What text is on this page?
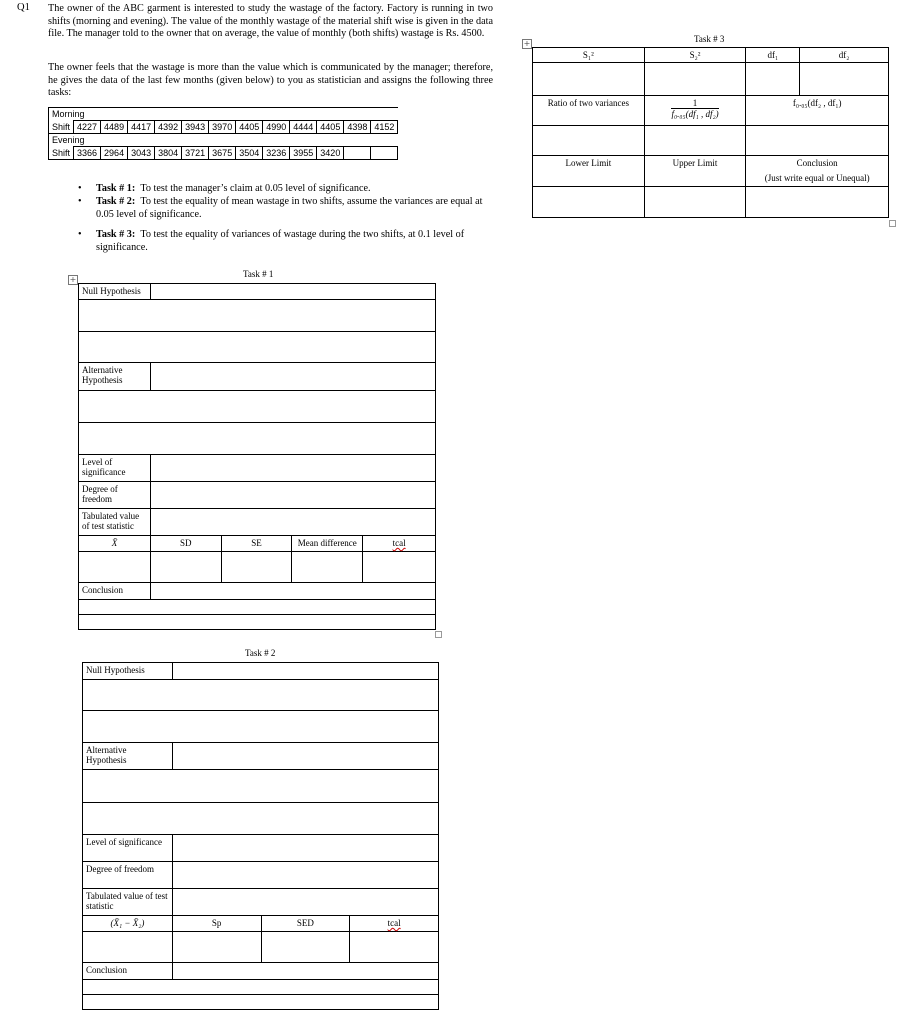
Q1 The owner of the ABC garment is interested to study the wastage of the factory. Factory is running in two shifts (morning and evening). The value of the monthly wastage of the material shift wise is given in the data file. The manager told to the owner that on average, the value of monthly (both shifts) wastage is Rs. 4500.
The owner feels that the wastage is more than the value which is communicated by the manager; therefore, he gives the data of the last few months (given below) to you as statistician and assigns the following three tasks:
Morning												
Shift	4227	4489	4417	4392	3943	3970	4405	4990	4444	4405	4398	4152
Evening												
Shift	3366	2964	3043	3804	3721	3675	3504	3236	3955	3420		
• Task # 1: To test the manager’s claim at 0.05 level of significance.
• Task # 2: To test the equality of mean wastage in two shifts, assume the variances are equal at 0.05 level of significance.
• Task # 3: To test the equality of variances of wastage during the two shifts, at 0.1 level of significance.
+
Task # 1
Null Hypothesis				

Alternative Hypothesis				

Level of significance				
Degree of freedom				
Tabulated value of test statistic				
X̄	SD	SE	Mean difference	tcal

Conclusion				

Task # 2
Null Hypothesis			

Alternative Hypothesis			

Level of significance			
Degree of freedom			
Tabulated value of test statistic			
(X̄₁ − X̄₂)	Sp	SED	tcal

Conclusion			

+	Task # 3
S₁²	S₂²	df₁	df₂

Ratio of two variances	$\frac{1}{\text{f₀.₀₅(df₁ , df₂)}}$	f₀.₀₅(df₂ , df₁)	

Lower Limit	Upper Limit	Conclusion
(Just write equal or Unequal)	
